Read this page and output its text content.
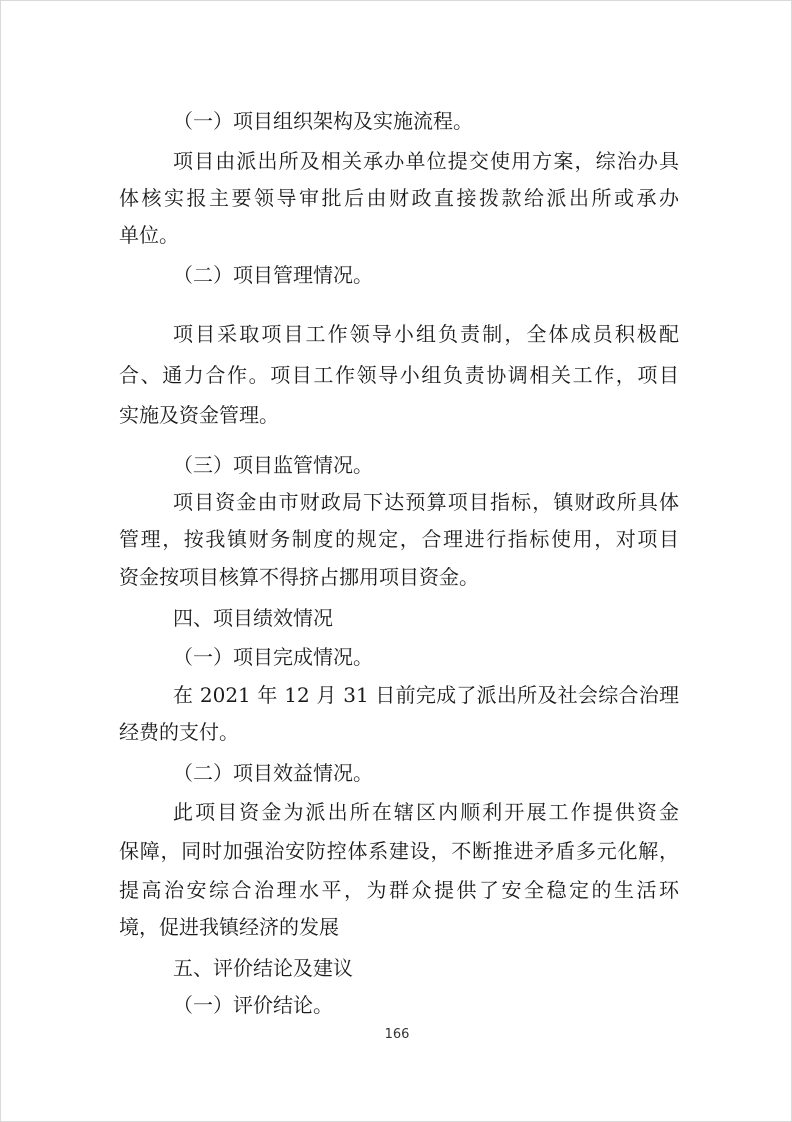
（一）项目组织架构及实施流程。
项目由派出所及相关承办单位提交使用方案，综治办具
体核实报主要领导审批后由财政直接拨款给派出所或承办
单位。
（二）项目管理情况。
项目采取项目工作领导小组负责制，全体成员积极配
合、通力合作。项目工作领导小组负责协调相关工作，项目
实施及资金管理。
（三）项目监管情况。
项目资金由市财政局下达预算项目指标，镇财政所具体
管理，按我镇财务制度的规定，合理进行指标使用，对项目
资金按项目核算不得挤占挪用项目资金。
四、项目绩效情况
（一）项目完成情况。
在 2021 年 12 月 31 日前完成了派出所及社会综合治理
经费的支付。
（二）项目效益情况。
此项目资金为派出所在辖区内顺利开展工作提供资金
保障，同时加强治安防控体系建设，不断推进矛盾多元化解，
提高治安综合治理水平，为群众提供了安全稳定的生活环
境，促进我镇经济的发展
五、评价结论及建议
（一）评价结论。
166
